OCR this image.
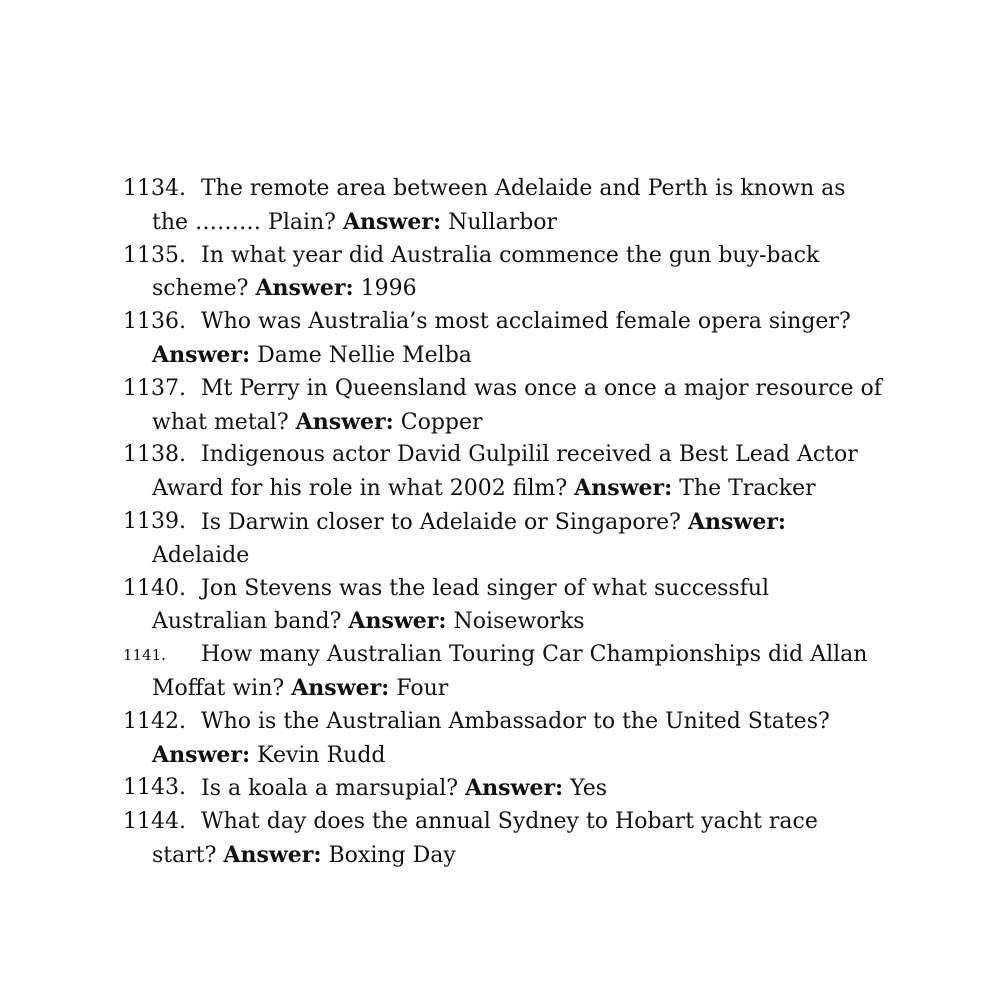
1134. The remote area between Adelaide and Perth is known as the ……… Plain? Answer: Nullarbor
1135. In what year did Australia commence the gun buy-back scheme? Answer: 1996
1136. Who was Australia’s most acclaimed female opera singer? Answer: Dame Nellie Melba
1137. Mt Perry in Queensland was once a once a major resource of what metal? Answer: Copper
1138. Indigenous actor David Gulpilil received a Best Lead Actor Award for his role in what 2002 film? Answer: The Tracker
1139. Is Darwin closer to Adelaide or Singapore? Answer: Adelaide
1140. Jon Stevens was the lead singer of what successful Australian band? Answer: Noiseworks
1141.	How many Australian Touring Car Championships did Allan Moffat win? Answer: Four
1142. Who is the Australian Ambassador to the United States? Answer: Kevin Rudd
1143. Is a koala a marsupial? Answer: Yes
1144. What day does the annual Sydney to Hobart yacht race start? Answer: Boxing Day
